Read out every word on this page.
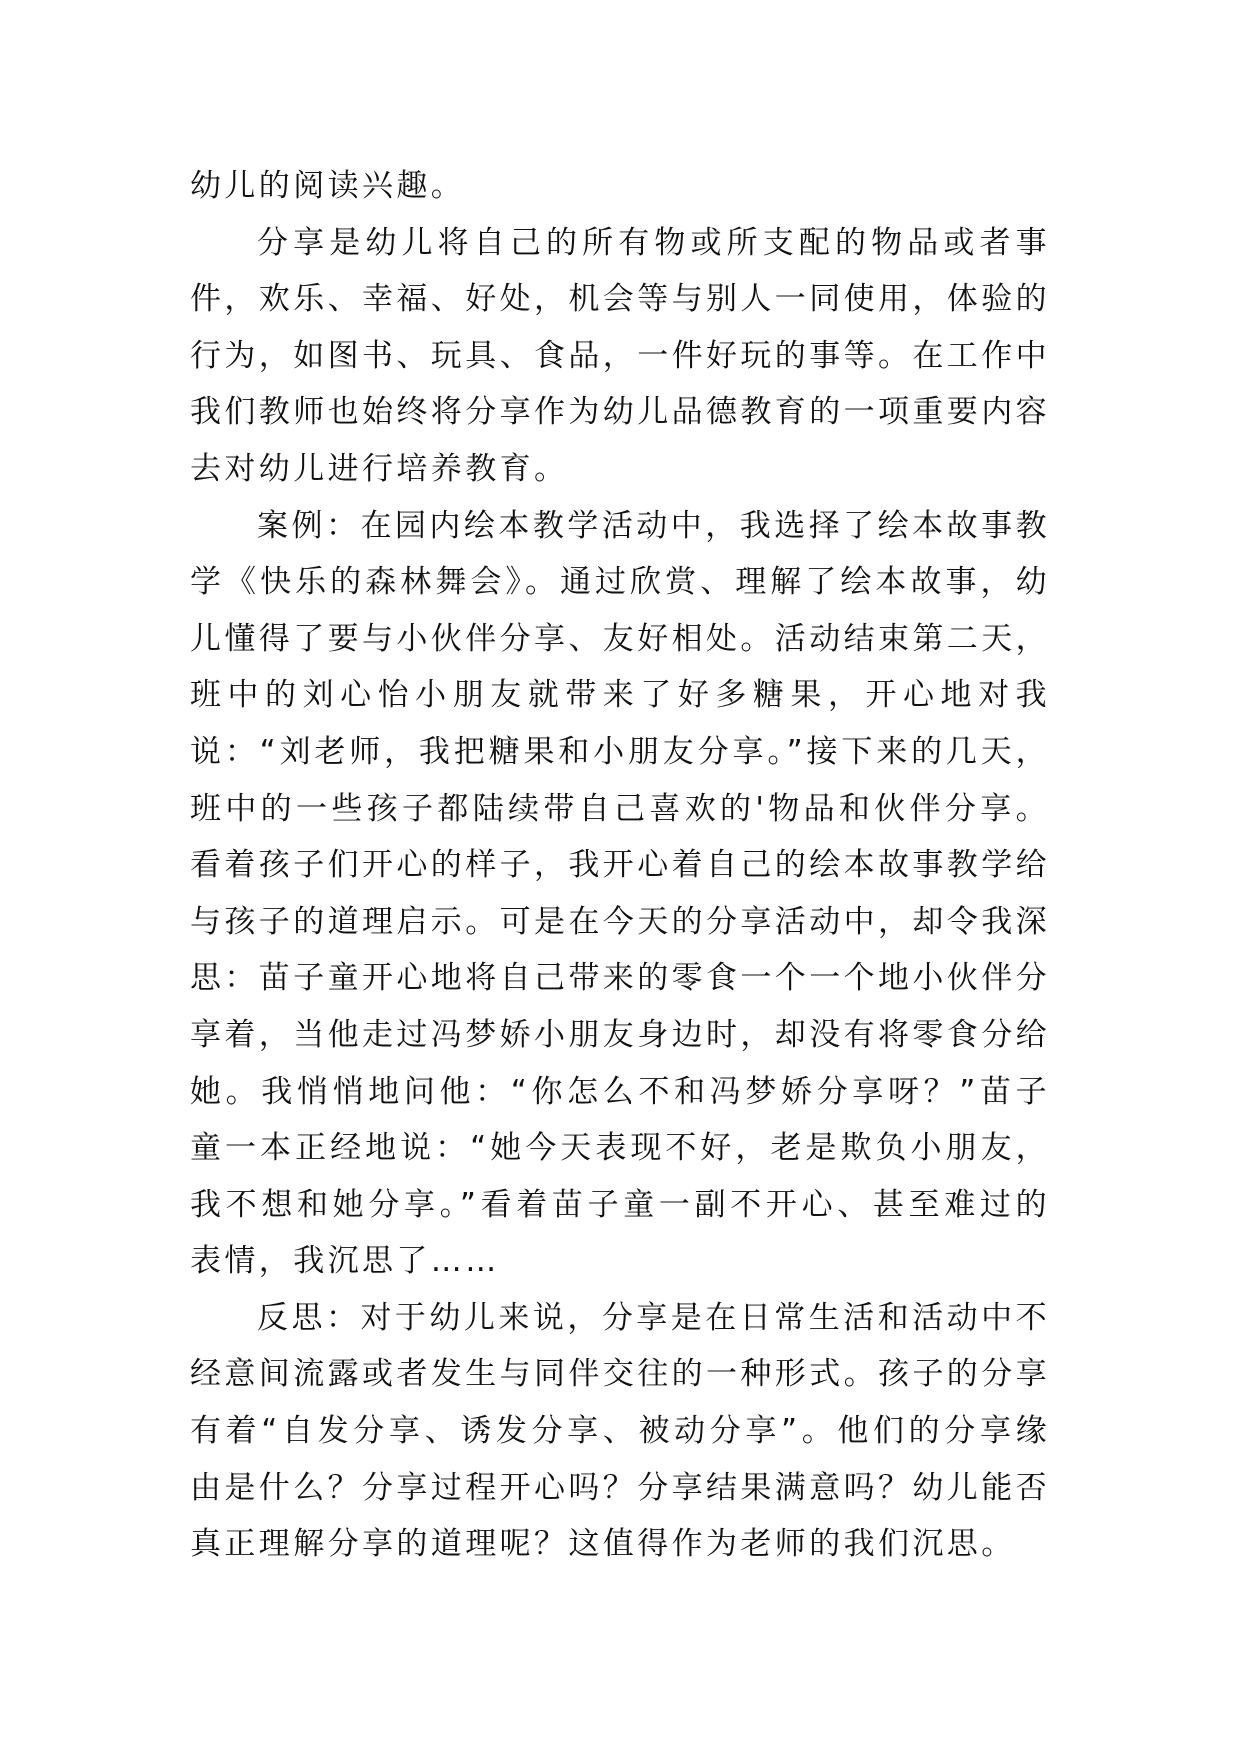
幼儿的阅读兴趣。

分享是幼儿将自己的所有物或所支配的物品或者事件，欢乐、幸福、好处，机会等与别人一同使用，体验的行为，如图书、玩具、食品，一件好玩的事等。在工作中我们教师也始终将分享作为幼儿品德教育的一项重要内容去对幼儿进行培养教育。

案例：在园内绘本教学活动中，我选择了绘本故事教学《快乐的森林舞会》。通过欣赏、理解了绘本故事，幼儿懂得了要与小伙伴分享、友好相处。活动结束第二天，班中的刘心怡小朋友就带来了好多糖果，开心地对我说：“刘老师，我把糖果和小朋友分享。”接下来的几天，班中的一些孩子都陆续带自己喜欢的'物品和伙伴分享。看着孩子们开心的样子，我开心着自己的绘本故事教学给与孩子的道理启示。可是在今天的分享活动中，却令我深思：苗子童开心地将自己带来的零食一个一个地小伙伴分享着，当他走过冯梦娇小朋友身边时，却没有将零食分给她。我悄悄地问他：“你怎么不和冯梦娇分享呀？”苗子童一本正经地说：“她今天表现不好，老是欺负小朋友，我不想和她分享。”看着苗子童一副不开心、甚至难过的表情，我沉思了……

反思：对于幼儿来说，分享是在日常生活和活动中不经意间流露或者发生与同伴交往的一种形式。孩子的分享有着“自发分享、诱发分享、被动分享”。他们的分享缘由是什么？分享过程开心吗？分享结果满意吗？幼儿能否真正理解分享的道理呢？这值得作为老师的我们沉思。
